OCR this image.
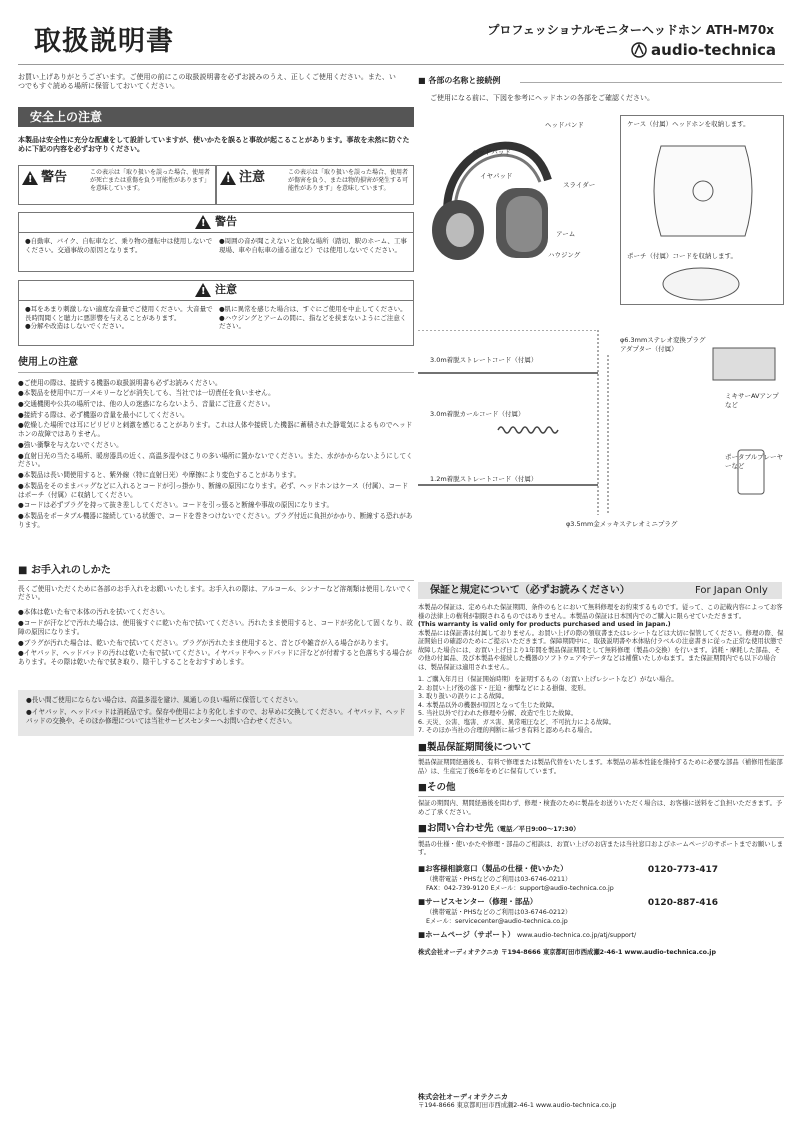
取扱説明書	プロフェッショナルモニターヘッドホン ATH-M70x
audio-technica
お買い上げありがとうございます。ご使用の前にこの取扱説明書を必ずお読みのうえ、正しくご使用ください。また、いつでもすぐ読める場所に保管しておいてください。
安全上の注意
本製品は安全性に充分な配慮をして設計していますが、使いかたを誤ると事故が起こることがあります。事故を未然に防ぐために下記の内容を必ずお守りください。
!
警告	この表示は「取り扱いを誤った場合、使用者が死亡または重傷を負う可能性があります」を意味しています。
!
注意	この表示は「取り扱いを誤った場合、使用者が傷害を負う、または物的損害が発生する可能性があります」を意味しています。
!
警告
●自動車、バイク、自転車など、乗り物の運転中は使用しないでください。交通事故の原因となります。
●周囲の音が聞こえないと危険な場所（踏切、駅のホーム、工事現場、車や自転車の通る道など）では使用しないでください。
!
注意
●耳をあまり刺激しない適度な音量でご使用ください。大音量で長時間聞くと聴力に悪影響を与えることがあります。
●分解や改造はしないでください。
●肌に異常を感じた場合は、すぐにご使用を中止してください。
●ハウジングとアームの間に、指などを挟まないようにご注意ください。
使用上の注意
●ご使用の際は、接続する機器の取扱説明書も必ずお読みください。
●本製品を使用中に万一メモリーなどが消失しても、当社では一切責任を負いません。
●交通機関や公共の場所では、他の人の迷惑にならないよう、音量にご注意ください。
●接続する際は、必ず機器の音量を最小にしてください。
●乾燥した場所では耳にピリピリと刺激を感じることがあります。これは人体や接続した機器に蓄積された静電気によるものでヘッドホンの故障ではありません。
●強い衝撃を与えないでください。
●直射日光の当たる場所、暖房器具の近く、高温多湿やほこりの多い場所に置かないでください。また、水がかからないようにしてください。
●本製品は長い間使用すると、紫外線（特に直射日光）や摩擦により変色することがあります。
●本製品をそのままバッグなどに入れるとコードが引っ掛かり、断線の原因になります。必ず、ヘッドホンはケース（付属）、コードはポーチ（付属）に収納してください。
●コードは必ずプラグを持って抜き差ししてください。コードを引っ張ると断線や事故の原因になります。
●本製品をポータブル機器に接続している状態で、コードを巻きつけないでください。プラグ付近に負担がかかり、断線する恐れがあります。
■ お手入れのしかた
長くご使用いただくために各部のお手入れをお願いいたします。お手入れの際は、アルコール、シンナーなど溶剤類は使用しないでください。
●本体は乾いた布で本体の汚れを拭いてください。
●コードが汗などで汚れた場合は、使用後すぐに乾いた布で拭いてください。汚れたまま使用すると、コードが劣化して固くなり、故障の原因になります。
●プラグが汚れた場合は、乾いた布で拭いてください。プラグが汚れたまま使用すると、音とびや雑音が入る場合があります。
●イヤパッド、ヘッドパッドの汚れは乾いた布で拭いてください。イヤパッドやヘッドパッドに汗などが付着すると色落ちする場合があります。その際は乾いた布で拭き取り、陰干しすることをおすすめします。
●長い間ご使用にならない場合は、高温多湿を避け、風通しの良い場所に保管してください。
●イヤパッド、ヘッドパッドは消耗品です。保存や使用により劣化しますので、お早めに交換してください。イヤパッド、ヘッドパッドの交換や、そのほか修理については当社サービスセンターへお問い合わせください。
■ 各部の名称と接続例
ご使用になる前に、下図を参考にヘッドホンの各部をご確認ください。
ヘッドバンド
ヘッドパッド
イヤパッド
スライダー
アーム
ハウジング
ケース（付属）ヘッドホンを収納します。
ポーチ（付属）コードを収納します。
3.0m着脱ストレートコード（付属）
3.0m着脱カールコード（付属）
1.2m着脱ストレートコード（付属）
φ6.3mmステレオ変換プラグアダプター（付属）
ミキサーAVアンプなど
ポータブルプレーヤーなど
φ3.5mm金メッキステレオミニプラグ
保証と規定について（必ずお読みください）	For Japan Only
本製品の保証は、定められた保証期間、条件のもとにおいて無料修理をお約束するものです。従って、この記載内容によってお客様の法律上の権利が制限されるものではありません。本製品の保証は日本国内でのご購入に限らせていただきます。
(This warranty is valid only for products purchased and used in Japan.)
本製品には保証書は付属しておりません。お買い上げの際の領収書またはレシートなどは大切に保管してください。修理の際、保証開始日の確認のためにご提示いただきます。保障期間中に、取扱説明書や本体貼付ラベルの注意書きに従った正常な使用状態で故障した場合には、お買い上げ日より1年間を製品保証期間として無料修理（製品の交換）を行います。消耗・摩耗した部品、その他の付属品、及び本製品や接続した機器のソフトウェアやデータなどは補償いたしかねます。また保証期間内でも以下の場合は、製品保証は適用されません。
1. ご購入年月日（保証開始時期）を証明するもの（お買い上げレシートなど）がない場合。
2. お買い上げ後の落下・圧迫・衝撃などによる損傷、変形。
3. 取り扱いの誤りによる故障。
4. 本製品以外の機器が原因となって生じた故障。
5. 当社以外で行われた修理や分解、改造で生じた故障。
6. 天災、公害、塩害、ガス害、異常電圧など、不可抗力による故障。
7. そのほか当社の合理的判断に基づき有料と認められる場合。
■製品保証期間後について
製品保証期間経過後も、有料で修理または製品代替をいたします。本製品の基本性能を維持するために必要な部品（補修用性能部品）は、生産完了後6年をめどに保有しています。
■その他
保証の期間内、期間経過後を問わず、修理・検査のために製品をお送りいただく場合は、お客様に送料をご負担いただきます。予めご了承ください。
■お問い合わせ先（電話／平日9:00〜17:30）
製品の仕様・使いかたや修理・部品のご相談は、お買い上げのお店または当社窓口およびホームページのサポートまでお願いします。
■お客様相談窓口（製品の仕様・使いかた）	0120-773-417
（携帯電話・PHSなどのご利用は03-6746-0211）
FAX：042-739-9120 Eメール：support@audio-technica.co.jp
■サービスセンター（修理・部品）	0120-887-416
（携帯電話・PHSなどのご利用は03-6746-0212）
Eメール：servicecenter@audio-technica.co.jp
■ホームページ（サポート） www.audio-technica.co.jp/atj/support/
株式会社オーディオテクニカ 〒194-8666 東京都町田市西成瀬2-46-1 www.audio-technica.co.jp
株式会社オーディオテクニカ
〒194-8666 東京都町田市西成瀬2-46-1 www.audio-technica.co.jp
